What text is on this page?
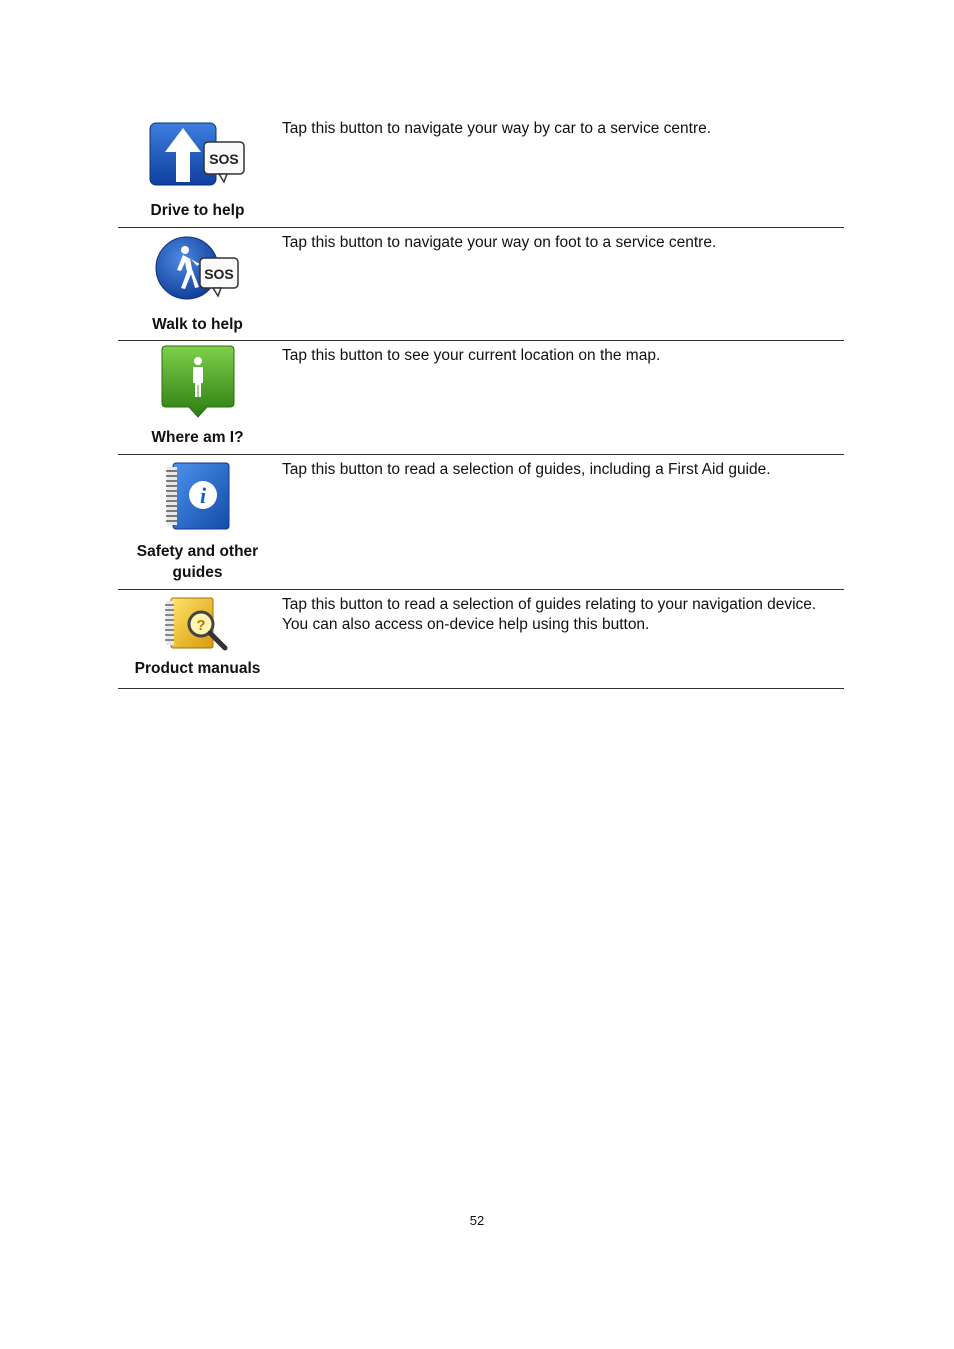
SOS
Drive to help
Tap this button to navigate your way by car to a service centre.
SOS
Walk to help
Tap this button to navigate your way on foot to a service centre.
Where am I?
Tap this button to see your current location on the map.
i
Safety and other
guides
Tap this button to read a selection of guides, including a First Aid guide.
?
Product manuals
Tap this button to read a selection of guides relating to your navigation device. You can also access on-device help using this button.
52
